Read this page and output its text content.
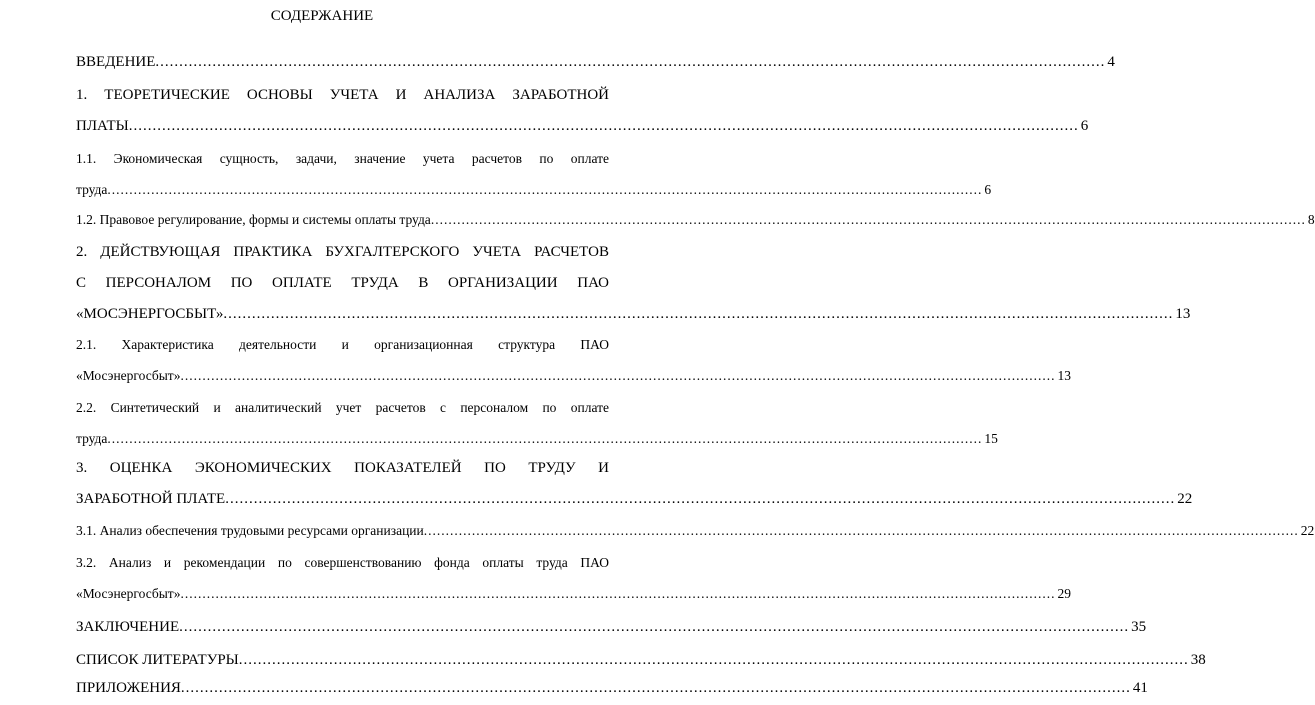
СОДЕРЖАНИЕ
ВВЕДЕНИЕ .....	4
1. ТЕОРЕТИЧЕСКИЕ ОСНОВЫ УЧЕТА И АНАЛИЗА ЗАРАБОТНОЙ
ПЛАТЫ .....	6
1.1. Экономическая сущность, задачи, значение учета расчетов по оплате
труда .....	6
1.2. Правовое регулирование, формы и системы оплаты труда .....	8
2. ДЕЙСТВУЮЩАЯ ПРАКТИКА БУХГАЛТЕРСКОГО УЧЕТА РАСЧЕТОВ
С ПЕРСОНАЛОМ ПО ОПЛАТЕ ТРУДА В ОРГАНИЗАЦИИ ПАО
«МОСЭНЕРГОСБЫТ» .....	13
2.1. Характеристика деятельности и организационная структура ПАО
«Мосэнергосбыт» .....	13
2.2. Синтетический и аналитический учет расчетов с персоналом по оплате
труда .....	15
3. ОЦЕНКА ЭКОНОМИЧЕСКИХ ПОКАЗАТЕЛЕЙ ПО ТРУДУ И
ЗАРАБОТНОЙ ПЛАТЕ .....	22
3.1. Анализ обеспечения трудовыми ресурсами организации .....	22
3.2. Анализ и рекомендации по совершенствованию фонда оплаты труда ПАО
«Мосэнергосбыт» .....	29
ЗАКЛЮЧЕНИЕ .....	35
СПИСОК ЛИТЕРАТУРЫ .....	38
ПРИЛОЖЕНИЯ .....	41
